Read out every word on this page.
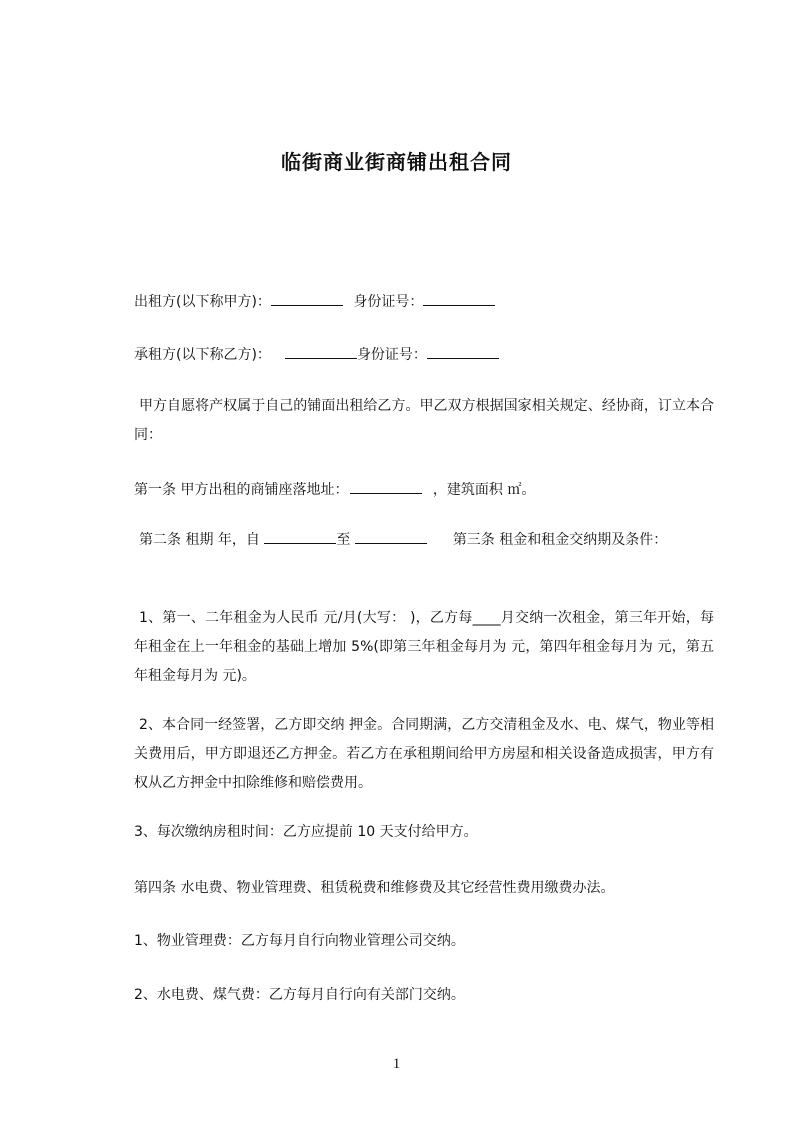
临街商业街商铺出租合同
出租方(以下称甲方)：	身份证号：
承租方(以下称乙方)：	身份证号：
甲方自愿将产权属于自己的铺面出租给乙方。甲乙双方根据国家相关规定、经协商，订立本合同：
第一条 甲方出租的商铺座落地址：	，建筑面积 ㎡。
第二条 租期 年，自	至	第三条 租金和租金交纳期及条件：
1、第一、二年租金为人民币 元/月(大写： )，乙方每____月交纳一次租金，第三年开始，每年租金在上一年租金的基础上增加 5%(即第三年租金每月为 元，第四年租金每月为 元，第五年租金每月为 元)。
2、本合同一经签署，乙方即交纳 押金。合同期满，乙方交清租金及水、电、煤气，物业等相关费用后，甲方即退还乙方押金。若乙方在承租期间给甲方房屋和相关设备造成损害，甲方有权从乙方押金中扣除维修和赔偿费用。
3、每次缴纳房租时间：乙方应提前 10 天支付给甲方。
第四条 水电费、物业管理费、租赁税费和维修费及其它经营性费用缴费办法。
1、物业管理费：乙方每月自行向物业管理公司交纳。
2、水电费、煤气费：乙方每月自行向有关部门交纳。
1
